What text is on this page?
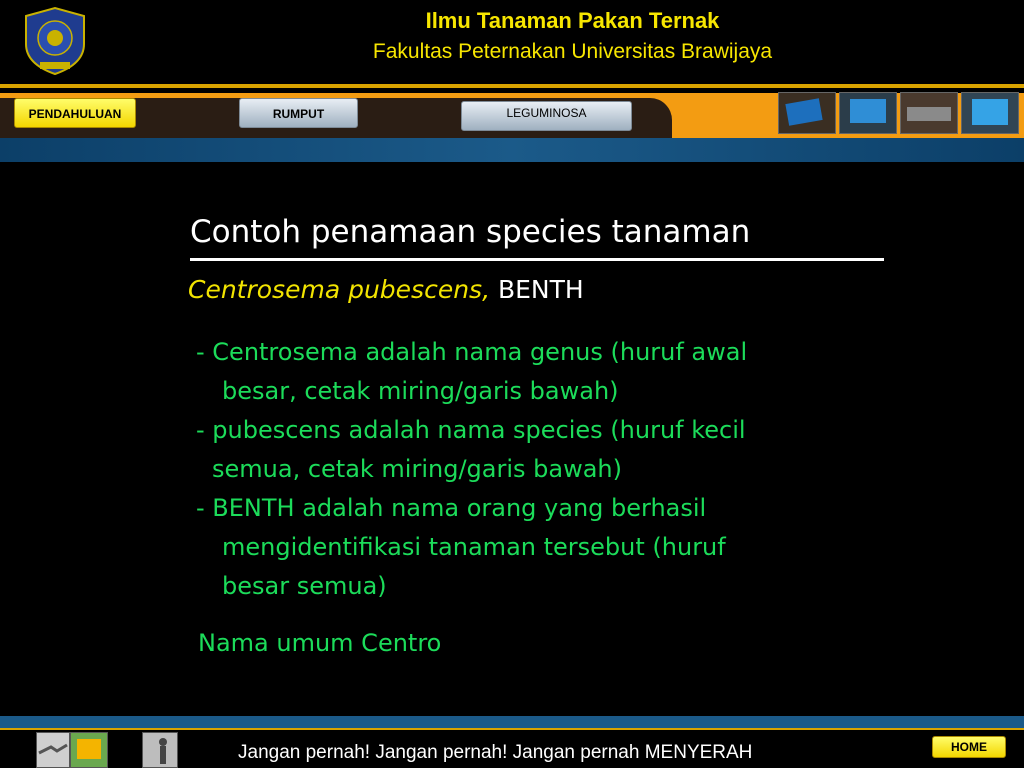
Ilmu Tanaman Pakan Ternak
Fakultas Peternakan Universitas Brawijaya
PENDAHULUAN	RUMPUT	LEGUMINOSA
Contoh penamaan species tanaman
Centrosema pubescens, BENTH
- Centrosema adalah nama genus (huruf awal
besar, cetak miring/garis bawah)
- pubescens adalah nama species (huruf kecil
semua, cetak miring/garis bawah)
- BENTH adalah nama orang yang berhasil
mengidentifikasi tanaman tersebut (huruf
besar semua)
Nama umum Centro
Jangan pernah! Jangan pernah! Jangan pernah MENYERAH	HOME
